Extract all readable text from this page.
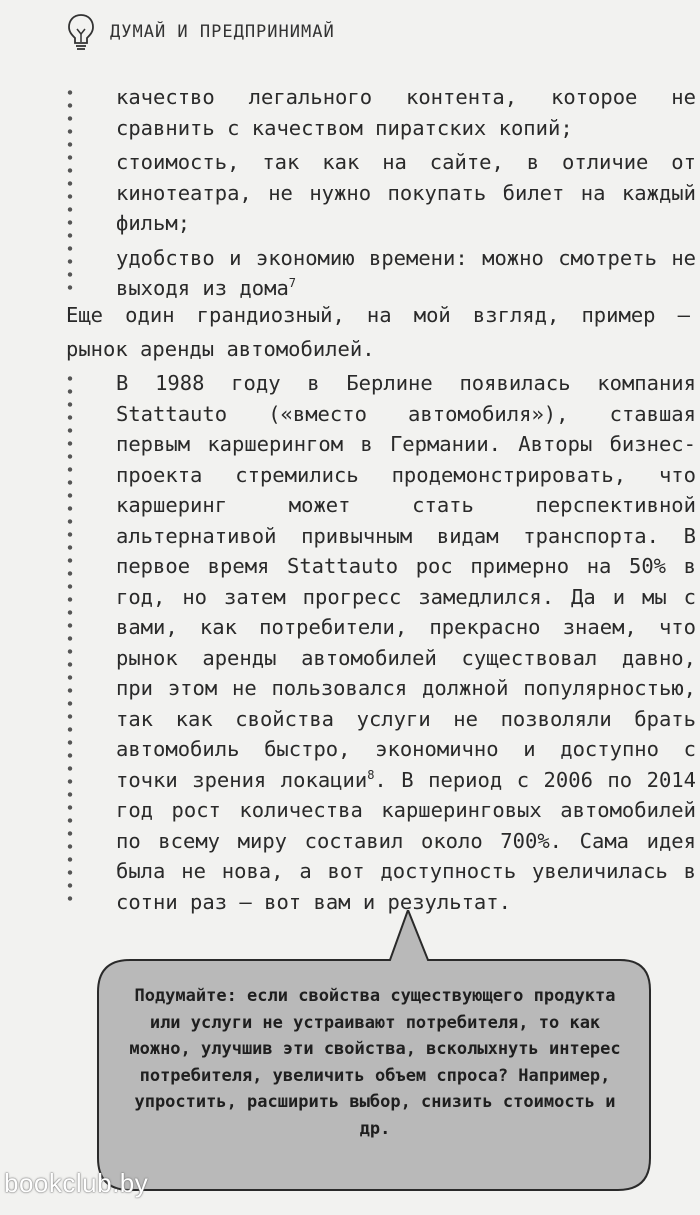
ДУМАЙ И ПРЕДПРИНИМАЙ
качество легального контента, которое не сравнить с качеством пиратских копий;
стоимость, так как на сайте, в отличие от кинотеатра, не нужно покупать билет на каждый фильм;
удобство и экономию времени: можно смотреть не выходя из дома$^7$
Еще один грандиозный, на мой взгляд, пример – рынок аренды автомобилей.
В 1988 году в Берлине появилась компания Stattauto («вместо автомобиля»), ставшая первым каршерингом в Германии. Авторы бизнес-проекта стремились продемонстрировать, что каршеринг может стать перспективной альтернативой привычным видам транспорта. В первое время Stattauto рос примерно на 50% в год, но затем прогресс замедлился. Да и мы с вами, как потребители, прекрасно знаем, что рынок аренды автомобилей существовал давно, при этом не пользовался должной популярностью, так как свойства услуги не позволяли брать автомобиль быстро, экономично и доступно с точки зрения локации$^8$. В период с 2006 по 2014 год рост количества каршеринговых автомобилей по всему миру составил около 700%. Сама идея была не нова, а вот доступность увеличилась в сотни раз — вот вам и результат.
Подумайте: если свойства существующего продукта или услуги не устраивают потребителя, то как можно, улучшив эти свойства, всколыхнуть интерес потребителя, увеличить объем спроса? Например, упростить, расширить выбор, снизить стоимость и др.
bookclub.by
